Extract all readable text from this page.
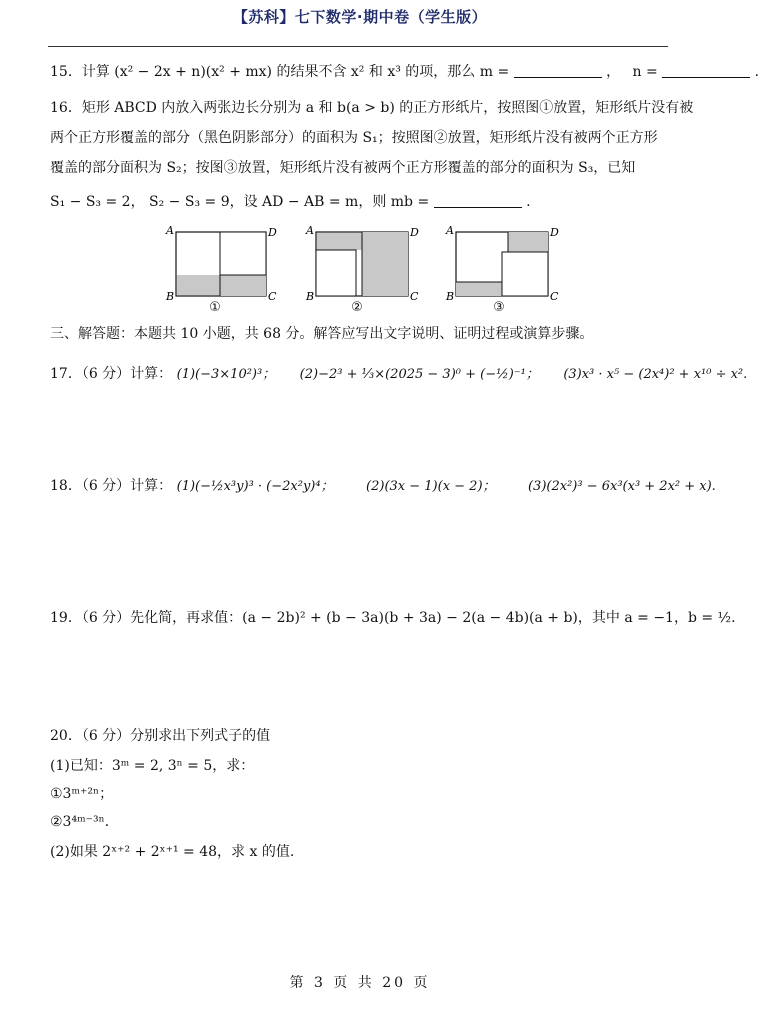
【苏科】七下数学·期中卷（学生版）
15．计算 (x² − 2x + n)(x² + mx) 的结果不含 x² 和 x³ 的项，那么 m =	， n =	.
16．矩形 ABCD 内放入两张边长分别为 a 和 b(a > b) 的正方形纸片，按照图①放置，矩形纸片没有被
两个正方形覆盖的部分（黑色阴影部分）的面积为 S₁；按照图②放置，矩形纸片没有被两个正方形
覆盖的部分面积为 S₂；按图③放置，矩形纸片没有被两个正方形覆盖的部分的面积为 S₃，已知
S₁ − S₃ = 2， S₂ − S₃ = 9，设 AD − AB = m，则 mb =	.
A
B	C
D
①
A
B	C
D
②
A
B	C
D
③
三、解答题：本题共 10 小题，共 68 分。解答应写出文字说明、证明过程或演算步骤。
17．（6 分）计算： (1)(−3×10²)³； (2)−2³ + ⅓×(2025 − 3)⁰ + (−½)⁻¹； (3)x³ · x⁵ − (2x⁴)² + x¹⁰ ÷ x².
18．（6 分）计算： (1)(−½x³y)³ · (−2x²y)⁴； (2)(3x − 1)(x − 2)； (3)(2x²)³ − 6x³(x³ + 2x² + x).
19．（6 分）先化简，再求值：(a − 2b)² + (b − 3a)(b + 3a) − 2(a − 4b)(a + b)，其中 a = −1，b = ½.
20．（6 分）分别求出下列式子的值
(1)已知：3ᵐ = 2, 3ⁿ = 5，求：
①3ᵐ⁺²ⁿ；
②3⁴ᵐ⁻³ⁿ．
(2)如果 2ˣ⁺² + 2ˣ⁺¹ = 48，求 x 的值.
第 3 页 共 20 页
